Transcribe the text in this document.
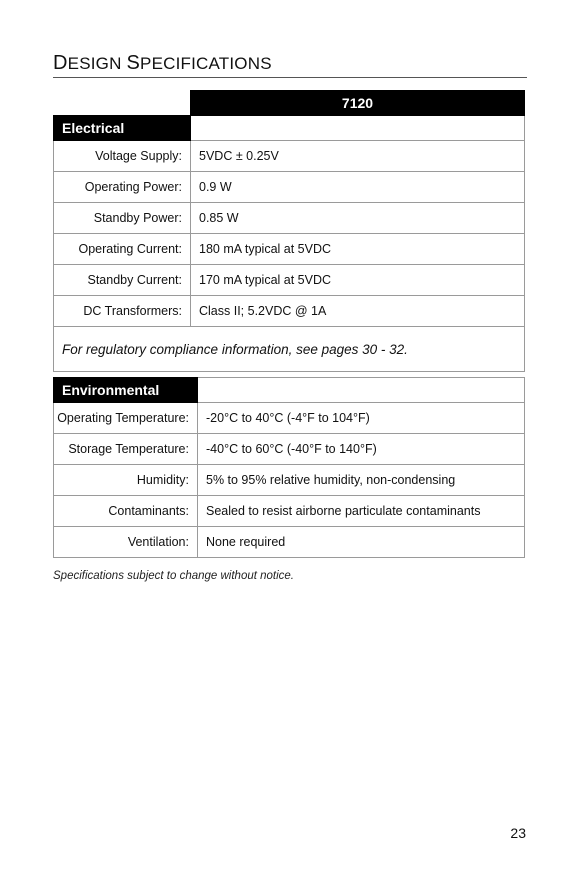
DESIGN SPECIFICATIONS
	7120
Electrical	
Voltage Supply:	5VDC ± 0.25V
Operating Power:	0.9 W
Standby Power:	0.85 W
Operating Current:	180 mA typical at 5VDC
Standby Current:	170 mA typical at 5VDC
DC Transformers:	Class II; 5.2VDC @ 1A
For regulatory compliance information, see pages 30 - 32.	
Environmental	
Operating Temperature:	-20°C to 40°C (-4°F to 104°F)
Storage Temperature:	-40°C to 60°C (-40°F to 140°F)
Humidity:	5% to 95% relative humidity, non-condensing
Contaminants:	Sealed to resist airborne particulate contaminants
Ventilation:	None required
Specifications subject to change without notice.
23
